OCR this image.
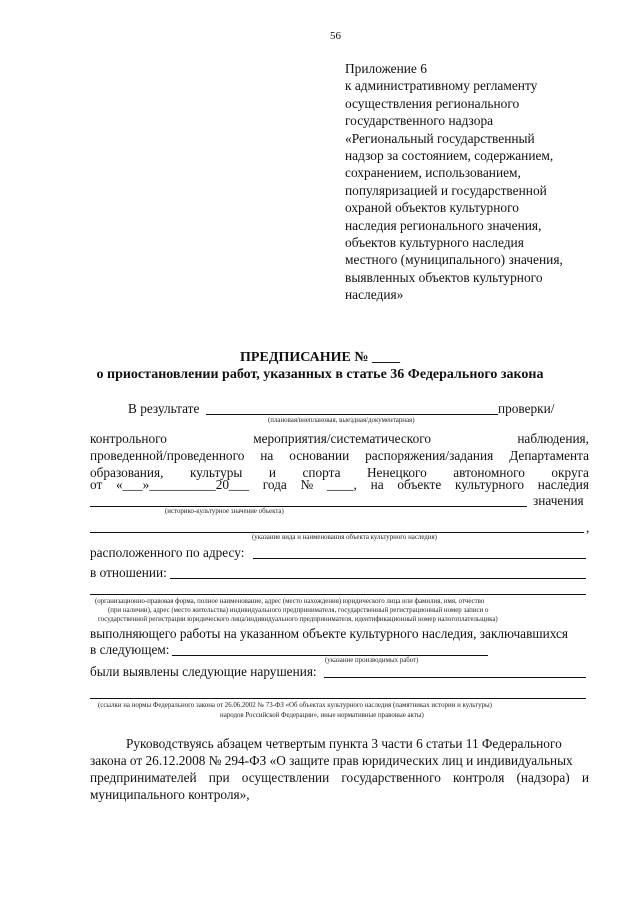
56
Приложение 6
к административному регламенту
осуществления регионального
государственного надзора
«Региональный государственный
надзор за состоянием, содержанием,
сохранением, использованием,
популяризацией и государственной
охраной объектов культурного
наследия регионального значения,
объектов культурного наследия
местного (муниципального) значения,
выявленных объектов культурного
наследия»
ПРЕДПИСАНИЕ № ____
о приостановлении работ, указанных в статье 36 Федерального закона
В результате	проверки/
(плановая/внеплановая, выездная/документарная)
контрольного	мероприятия/систематического	наблюдения,
проведенной/проведенного на основании распоряжения/задания Департамента
образования, культуры и спорта Ненецкого автономного округа
от «___»__________20___ года № ____, на объекте культурного наследия
значения
(историко-культурное значение объекта)
,
(указание вида и наименования объекта культурного наследия)
расположенного по адресу:
в отношении:
(организационно-правовая форма, полное наименование, адрес (место нахождения) юридического лица или фамилия, имя, отчество
(при наличии), адрес (место жительства) индивидуального предпринимателя, государственный регистрационный номер записи о
государственной регистрации юридического лица/индивидуального предпринимателя, идентификационный номер налогоплательщика)
выполняющего работы на указанном объекте культурного наследия, заключавшихся
в следующем:
(указание производимых работ)
были выявлены следующие нарушения:
(ссылки на нормы Федерального закона от 26.06.2002 № 73-ФЗ «Об объектах культурного наследия (памятниках истории и культуры)
народов Российской Федерации», иные нормативные правовые акты)
Руководствуясь абзацем четвертым пункта 3 части 6 статьи 11 Федерального
закона от 26.12.2008 № 294-ФЗ «О защите прав юридических лиц и индивидуальных
предпринимателей при осуществлении государственного контроля (надзора) и
муниципального контроля»,
